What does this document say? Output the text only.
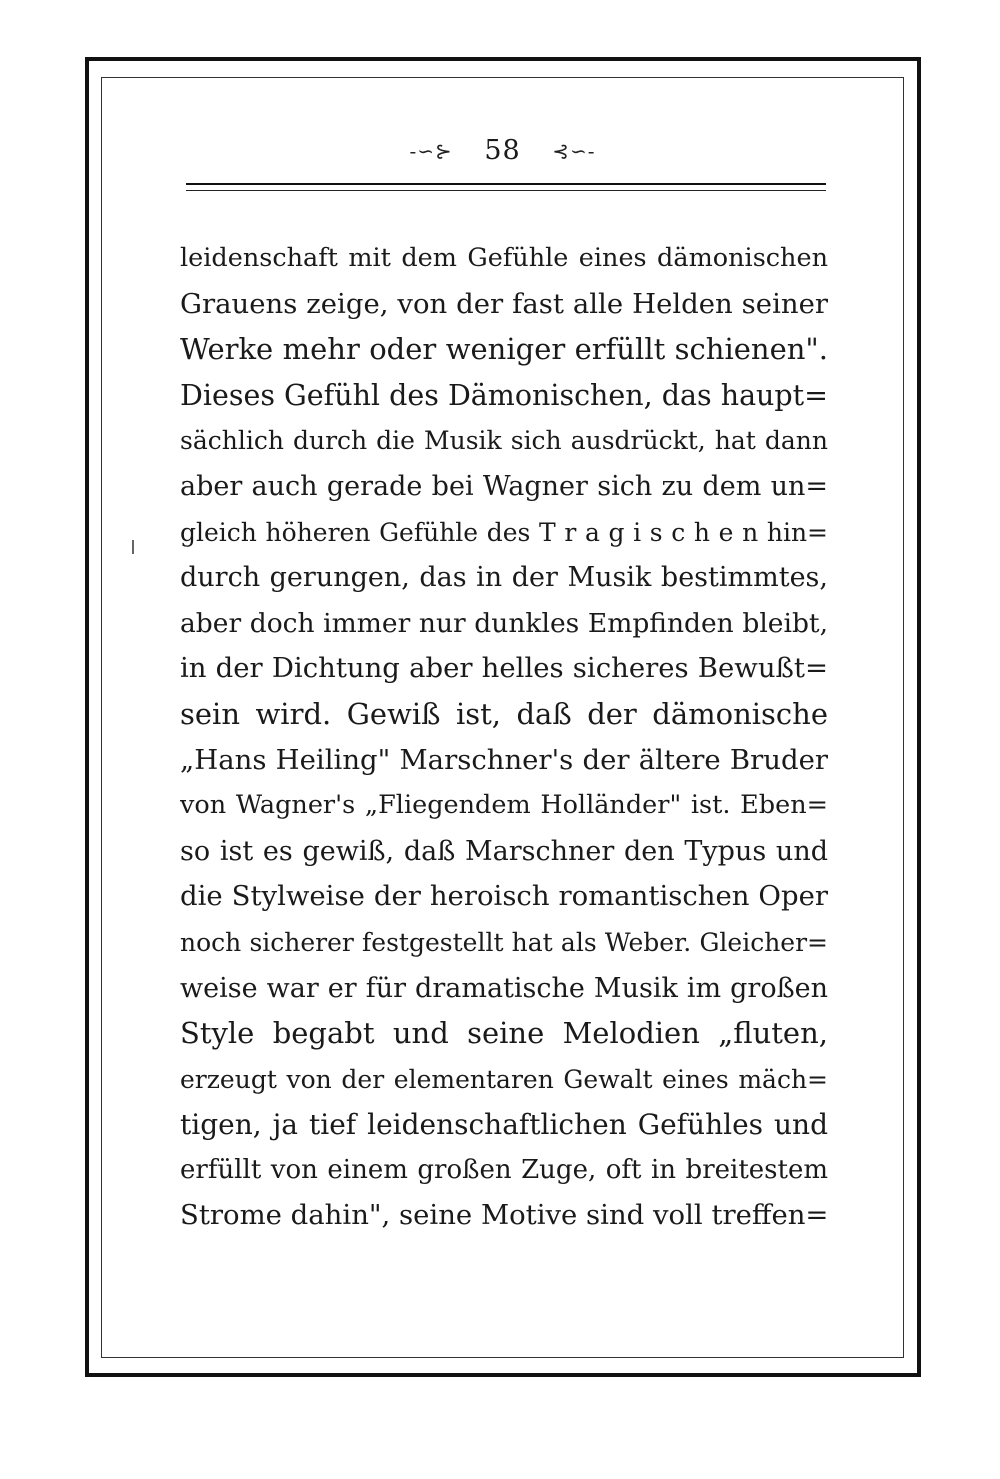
-∽⊱ 58 ⊰∽-
leidenschaft mit dem Gefühle eines dämonischen
Grauens zeige, von der fast alle Helden seiner
Werke mehr oder weniger erfüllt schienen".
Dieses Gefühl des Dämonischen, das haupt=
sächlich durch die Musik sich ausdrückt, hat dann
aber auch gerade bei Wagner sich zu dem un=
gleich höheren Gefühle des T r a g i s c h e n hin=
durch gerungen, das in der Musik bestimmtes,
aber doch immer nur dunkles Empfinden bleibt,
in der Dichtung aber helles sicheres Bewußt=
sein wird. Gewiß ist, daß der dämonische
„Hans Heiling" Marschner's der ältere Bruder
von Wagner's „Fliegendem Holländer" ist. Eben=
so ist es gewiß, daß Marschner den Typus und
die Stylweise der heroisch romantischen Oper
noch sicherer festgestellt hat als Weber. Gleicher=
weise war er für dramatische Musik im großen
Style begabt und seine Melodien „fluten,
erzeugt von der elementaren Gewalt eines mäch=
tigen, ja tief leidenschaftlichen Gefühles und
erfüllt von einem großen Zuge, oft in breitestem
Strome dahin", seine Motive sind voll treffen=
